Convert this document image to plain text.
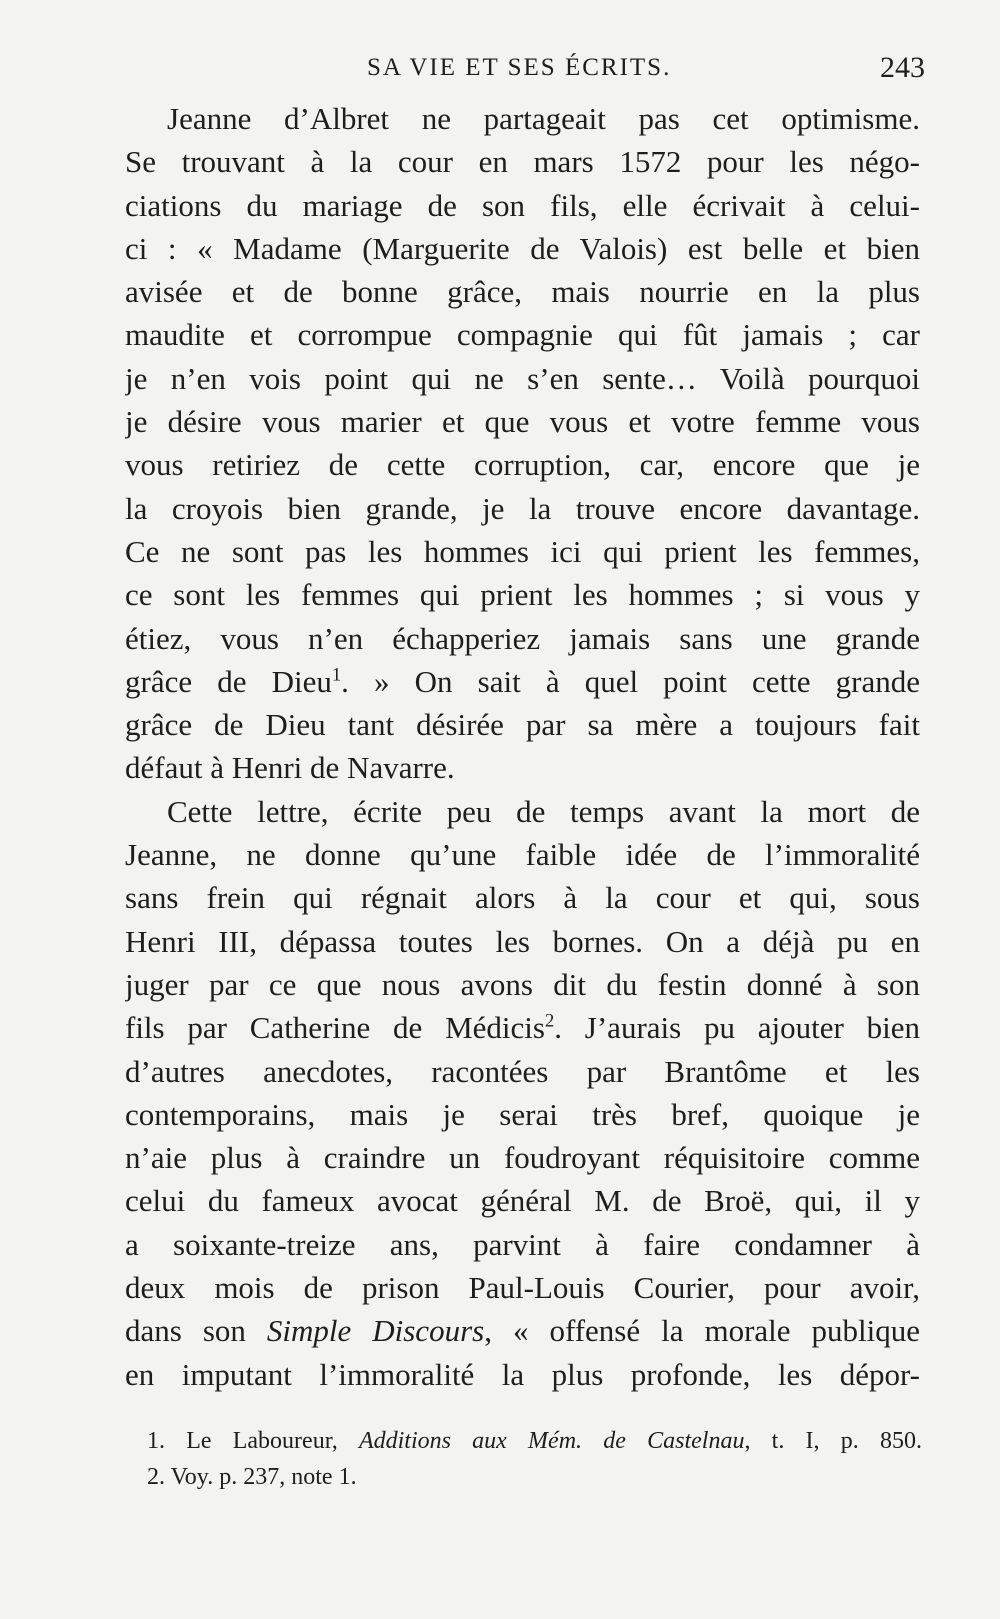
SA VIE ET SES ÉCRITS.	243
Jeanne d’Albret ne partageait pas cet optimisme.
Se trouvant à la cour en mars 1572 pour les négo-
ciations du mariage de son fils, elle écrivait à celui-
ci : « Madame (Marguerite de Valois) est belle et bien
avisée et de bonne grâce, mais nourrie en la plus
maudite et corrompue compagnie qui fût jamais ; car
je n’en vois point qui ne s’en sente… Voilà pourquoi
je désire vous marier et que vous et votre femme vous
vous retiriez de cette corruption, car, encore que je
la croyois bien grande, je la trouve encore davantage.
Ce ne sont pas les hommes ici qui prient les femmes,
ce sont les femmes qui prient les hommes ; si vous y
étiez, vous n’en échapperiez jamais sans une grande
grâce de Dieu$^1$. » On sait à quel point cette grande
grâce de Dieu tant désirée par sa mère a toujours fait
défaut à Henri de Navarre.
Cette lettre, écrite peu de temps avant la mort de
Jeanne, ne donne qu’une faible idée de l’immoralité
sans frein qui régnait alors à la cour et qui, sous
Henri III, dépassa toutes les bornes. On a déjà pu en
juger par ce que nous avons dit du festin donné à son
fils par Catherine de Médicis$^2$. J’aurais pu ajouter bien
d’autres anecdotes, racontées par Brantôme et les
contemporains, mais je serai très bref, quoique je
n’aie plus à craindre un foudroyant réquisitoire comme
celui du fameux avocat général M. de Broë, qui, il y
a soixante-treize ans, parvint à faire condamner à
deux mois de prison Paul-Louis Courier, pour avoir,
dans son Simple Discours, « offensé la morale publique
en imputant l’immoralité la plus profonde, les dépor-
1. Le Laboureur, Additions aux Mém. de Castelnau, t. I, p. 850.
2. Voy. p. 237, note 1.
